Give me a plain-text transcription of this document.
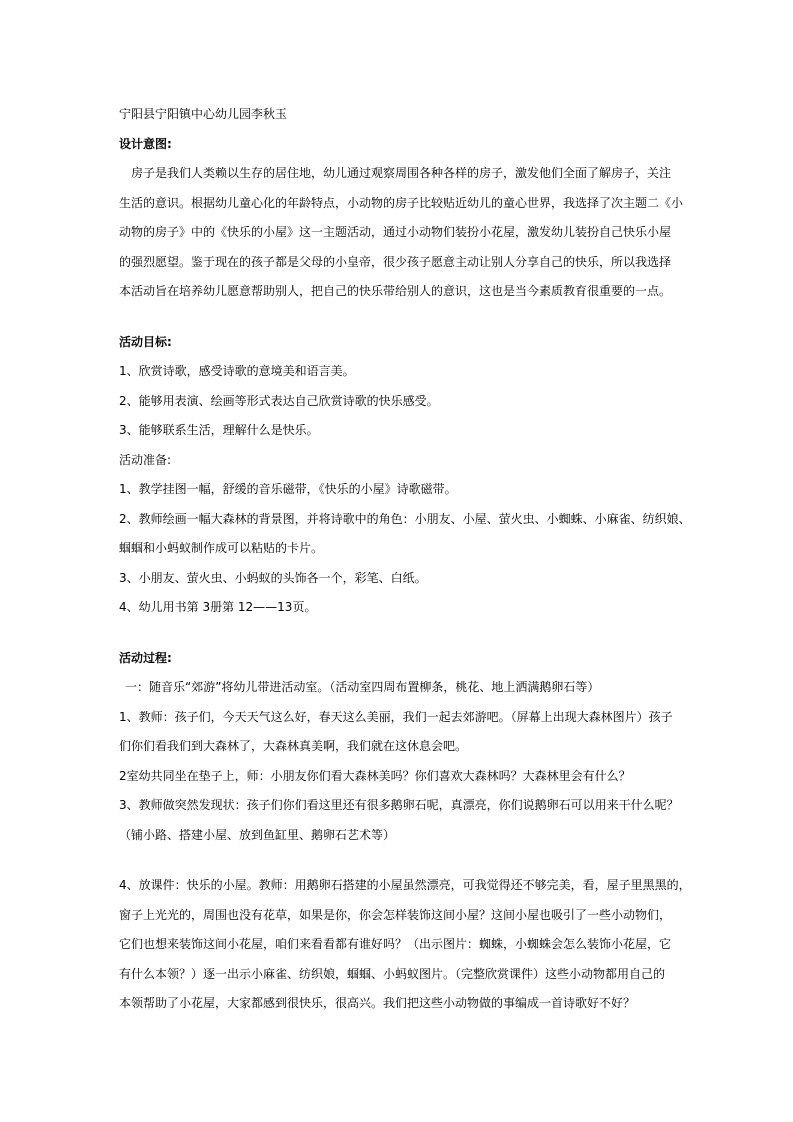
宁阳县宁阳镇中心幼儿园李秋玉
设计意图:
房子是我们人类赖以生存的居住地，幼儿通过观察周围各种各样的房子，激发他们全面了解房子，关注
生活的意识。根据幼儿童心化的年龄特点，小动物的房子比较贴近幼儿的童心世界，我选择了次主题二《小
动物的房子》中的《快乐的小屋》这一主题活动，通过小动物们装扮小花屋，激发幼儿装扮自己快乐小屋
的强烈愿望。鉴于现在的孩子都是父母的小皇帝，很少孩子愿意主动让别人分享自己的快乐，所以我选择
本活动旨在培养幼儿愿意帮助别人，把自己的快乐带给别人的意识，这也是当今素质教育很重要的一点。
活动目标:
1、欣赏诗歌，感受诗歌的意境美和语言美。
2、能够用表演、绘画等形式表达自己欣赏诗歌的快乐感受。
3、能够联系生活，理解什么是快乐。
活动准备:
1、教学挂图一幅，舒缓的音乐磁带，《快乐的小屋》诗歌磁带。
2、教师绘画一幅大森林的背景图，并将诗歌中的角色：小朋友、小屋、萤火虫、小蜘蛛、小麻雀、纺织娘、
蝈蝈和小蚂蚁制作成可以粘贴的卡片。
3、小朋友、萤火虫、小蚂蚁的头饰各一个，彩笔、白纸。
4、幼儿用书第 3册第 12——13页。
活动过程:
一：随音乐“郊游”将幼儿带进活动室。（活动室四周布置柳条，桃花、地上洒满鹅卵石等）
1、教师：孩子们，今天天气这么好，春天这么美丽，我们一起去郊游吧。（屏幕上出现大森林图片）孩子
们你们看我们到大森林了，大森林真美啊，我们就在这休息会吧。
2室幼共同坐在垫子上，师：小朋友你们看大森林美吗？你们喜欢大森林吗？大森林里会有什么？
3、教师做突然发现状：孩子们你们看这里还有很多鹅卵石呢，真漂亮，你们说鹅卵石可以用来干什么呢？
（铺小路、搭建小屋、放到鱼缸里、鹅卵石艺术等）
4、放课件：快乐的小屋。教师：用鹅卵石搭建的小屋虽然漂亮，可我觉得还不够完美，看，屋子里黑黑的，
窗子上光光的，周围也没有花草，如果是你，你会怎样装饰这间小屋？这间小屋也吸引了一些小动物们，
它们也想来装饰这间小花屋，咱们来看看都有谁好吗？（出示图片：蜘蛛，小蜘蛛会怎么装饰小花屋，它
有什么本领？）逐一出示小麻雀、纺织娘，蝈蝈、小蚂蚁图片。（完整欣赏课件）这些小动物都用自己的
本领帮助了小花屋，大家都感到很快乐，很高兴。我们把这些小动物做的事编成一首诗歌好不好？
